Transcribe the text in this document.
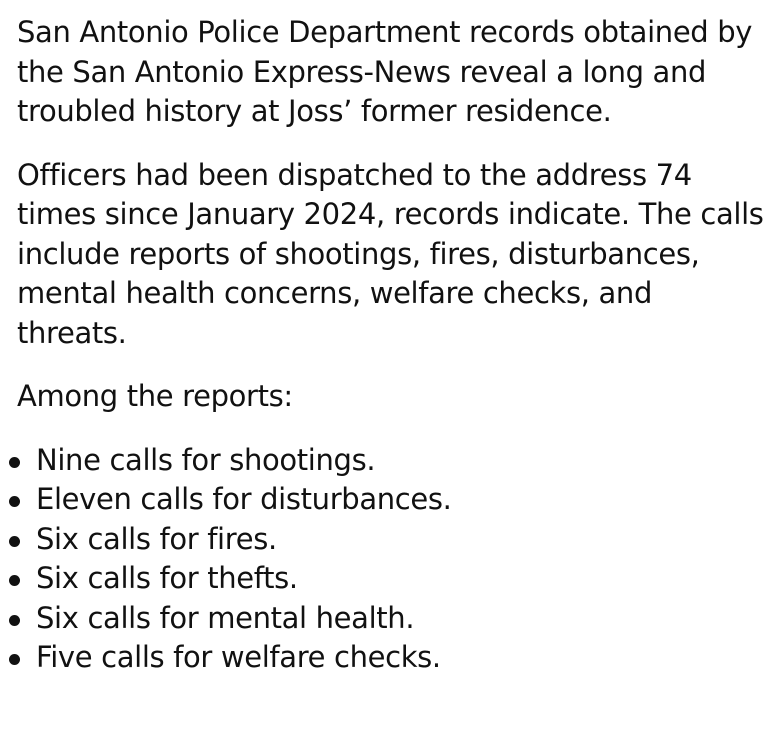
San Antonio Police Department records obtained by the San Antonio Express-News reveal a long and troubled history at Joss’ former residence.

Officers had been dispatched to the address 74 times since January 2024, records indicate. The calls include reports of shootings, fires, disturbances, mental health concerns, welfare checks, and threats.

Among the reports:

Nine calls for shootings.
Eleven calls for disturbances.
Six calls for fires.
Six calls for thefts.
Six calls for mental health.
Five calls for welfare checks.
